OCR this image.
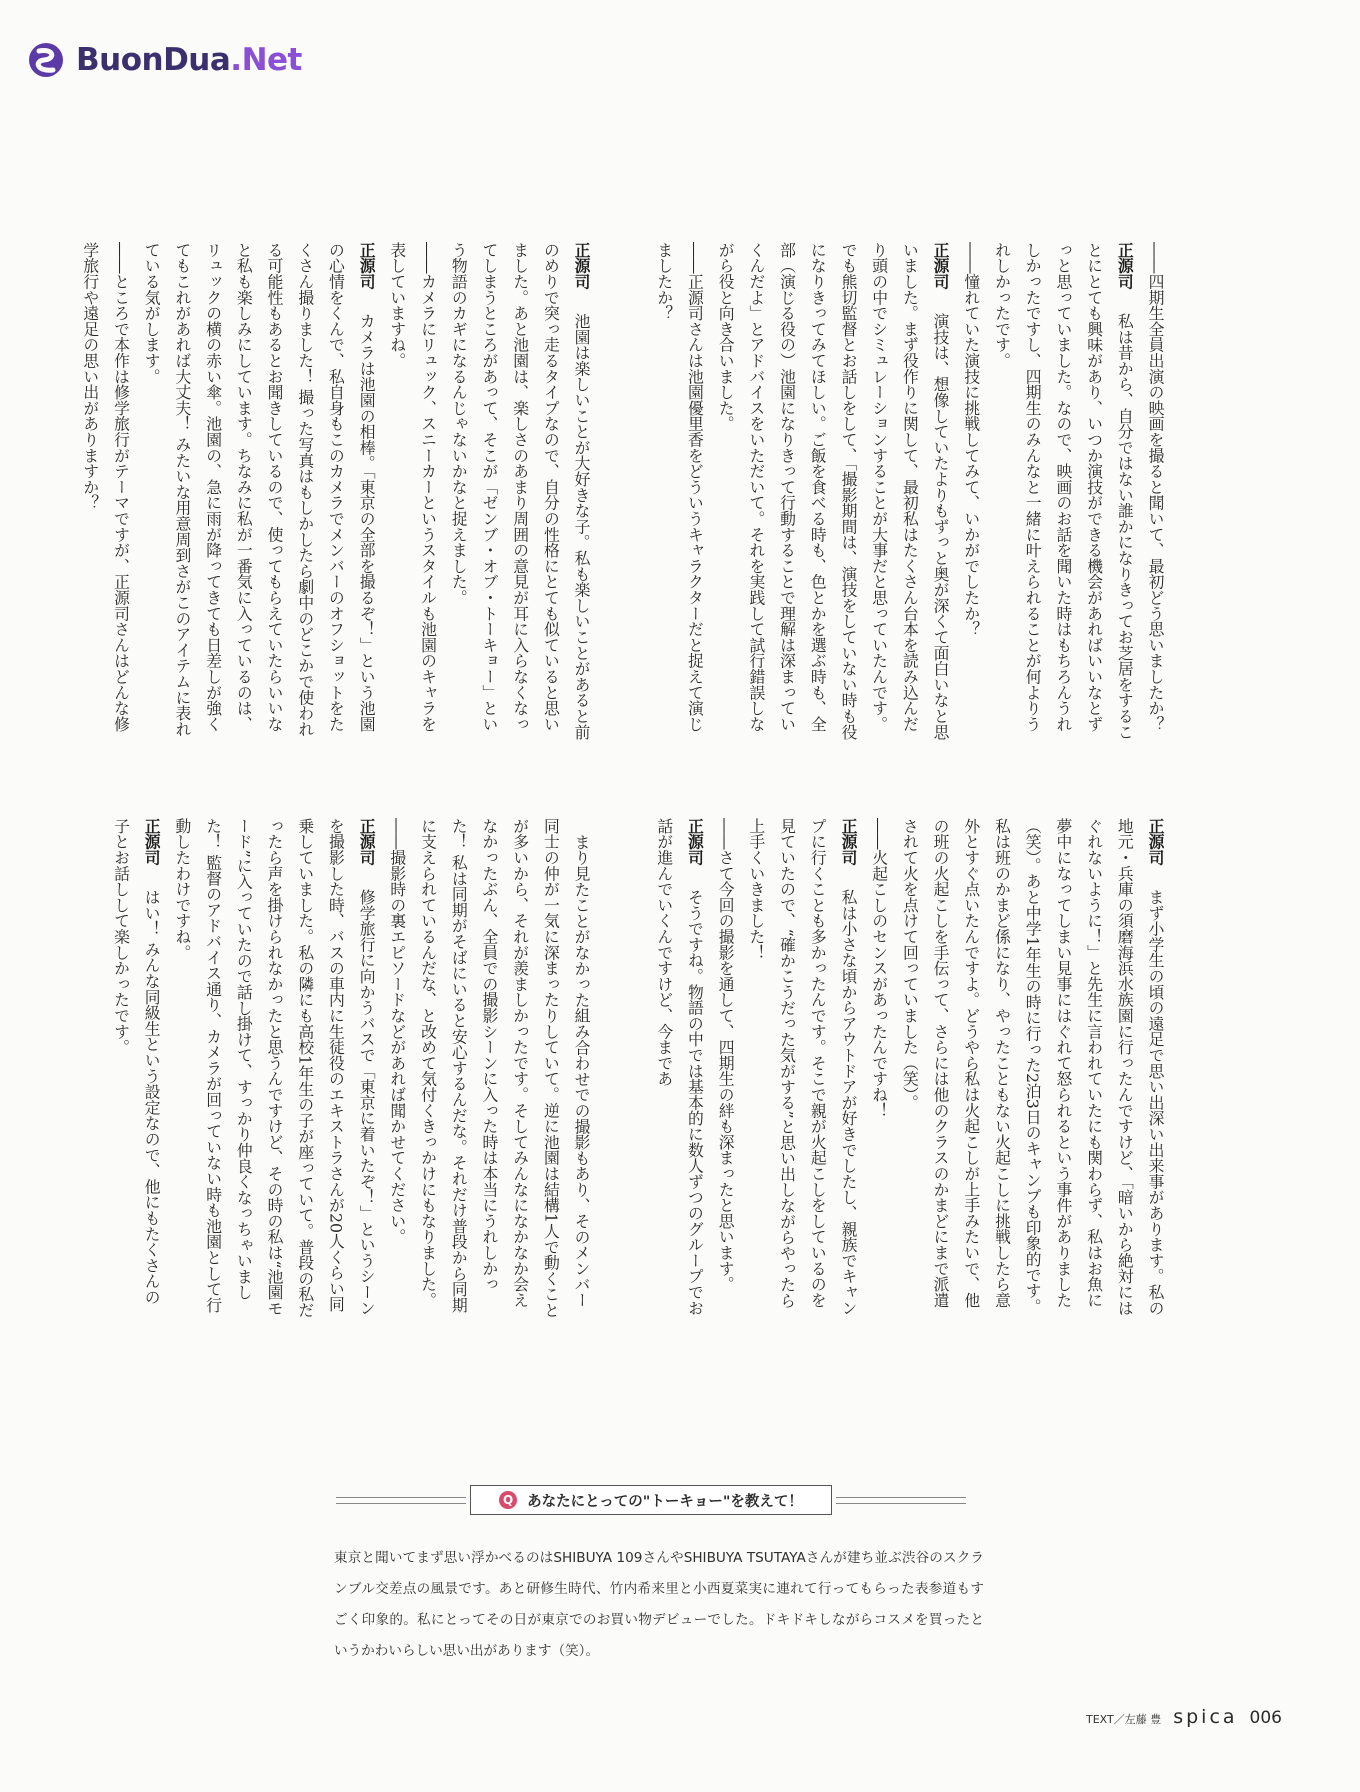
BuonDua.Net

――四期生全員出演の映画を撮ると聞いて、最初どう思いましたか？

正源司　私は昔から、自分ではない誰かになりきってお芝居をすることにとても興味があり、いつか演技ができる機会があればいいなとずっと思っていました。なので、映画のお話を聞いた時はもちろんうれしかったですし、四期生のみんなと一緒に叶えられることが何よりうれしかったです。

――憧れていた演技に挑戦してみて、いかがでしたか？

正源司　演技は、想像していたよりもずっと奥が深くて面白いなと思いました。まず役作りに関して、最初私はたくさん台本を読み込んだり頭の中でシミュレーションすることが大事だと思っていたんです。でも熊切監督とお話しをして、「撮影期間は、演技をしていない時も役になりきってみてほしい。ご飯を食べる時も、色とかを選ぶ時も、全部（演じる役の）池園になりきって行動することで理解は深まっていくんだよ」とアドバイスをいただいて。それを実践して試行錯誤しながら役と向き合いました。

――正源司さんは池園優里香をどういうキャラクターだと捉えて演じましたか？

正源司　池園は楽しいことが大好きな子。私も楽しいことがあると前のめりで突っ走るタイプなので、自分の性格にとても似ていると思いました。あと池園は、楽しさのあまり周囲の意見が耳に入らなくなってしまうところがあって、そこが「ゼンブ・オブ・トーキョー」という物語のカギになるんじゃないかなと捉えました。

――カメラにリュック、スニーカーというスタイルも池園のキャラを表していますね。

正源司　カメラは池園の相棒。「東京の全部を撮るぞ！」という池園の心情をくんで、私自身もこのカメラでメンバーのオフショットをたくさん撮りました！ 撮った写真はもしかしたら劇中のどこかで使われる可能性もあるとお聞きしているので、使ってもらえていたらいいなと私も楽しみにしています。ちなみに私が一番気に入っているのは、リュックの横の赤い傘。池園の、急に雨が降ってきても日差しが強くてもこれがあれば大丈夫！ みたいな用意周到さがこのアイテムに表れている気がします。

――ところで本作は修学旅行がテーマですが、正源司さんはどんな修学旅行や遠足の思い出がありますか？

正源司　まず小学生の頃の遠足で思い出深い出来事があります。私の地元・兵庫の須磨海浜水族園に行ったんですけど、「暗いから絶対にはぐれないように！」と先生に言われていたにも関わらず、私はお魚に夢中になってしまい見事にはぐれて怒られるという事件がありました（笑）。あと中学1年生の時に行った2泊3日のキャンプも印象的です。私は班のかまど係になり、やったこともない火起こしに挑戦したら意外とすぐ点いたんですよ。どうやら私は火起こしが上手みたいで、他の班の火起こしを手伝って、さらには他のクラスのかまどにまで派遣されて火を点けて回っていました（笑）。

――火起こしのセンスがあったんですね！

正源司　私は小さな頃からアウトドアが好きでしたし、親族でキャンプに行くことも多かったんです。そこで親が火起こしをしているのを見ていたので、“確かこうだった気がする”と思い出しながらやったら上手くいきました！

――さて今回の撮影を通して、四期生の絆も深まったと思います。

正源司　そうですね。物語の中では基本的に数人ずつのグループでお話が進んでいくんですけど、今まであ

まり見たことがなかった組み合わせでの撮影もあり、そのメンバー同士の仲が一気に深まったりしていて。逆に池園は結構1人で動くことが多いから、それが羨ましかったです。そしてみんなになかなか会えなかったぶん、全員での撮影シーンに入った時は本当にうれしかった！ 私は同期がそばにいると安心するんだな。それだけ普段から同期に支えられているんだな、と改めて気付くきっかけにもなりました。

――撮影時の裏エピソードなどがあれば聞かせてください。

正源司　修学旅行に向かうバスで「東京に着いたぞ！」というシーンを撮影した時、バスの車内に生徒役のエキストラさんが20人くらい同乗していました。私の隣にも高校1年生の子が座っていて。普段の私だったら声を掛けられなかったと思うんですけど、その時の私は“池園モード”に入っていたので話し掛けて、すっかり仲良くなっちゃいました！ 監督のアドバイス通り、カメラが回っていない時も池園として行動したわけですね。

正源司　はい！ みんな同級生という設定なので、他にもたくさんの子とお話しして楽しかったです。

Q あなたにとっての"トーキョー"を教えて！

東京と聞いてまず思い浮かべるのはSHIBUYA 109さんやSHIBUYA TSUTAYAさんが建ち並ぶ渋谷のスクランブル交差点の風景です。あと研修生時代、竹内希来里と小西夏菜実に連れて行ってもらった表参道もすごく印象的。私にとってその日が東京でのお買い物デビューでした。ドキドキしながらコスメを買ったというかわいらしい思い出があります（笑）。

TEXT／左藤 豊 spica 006
